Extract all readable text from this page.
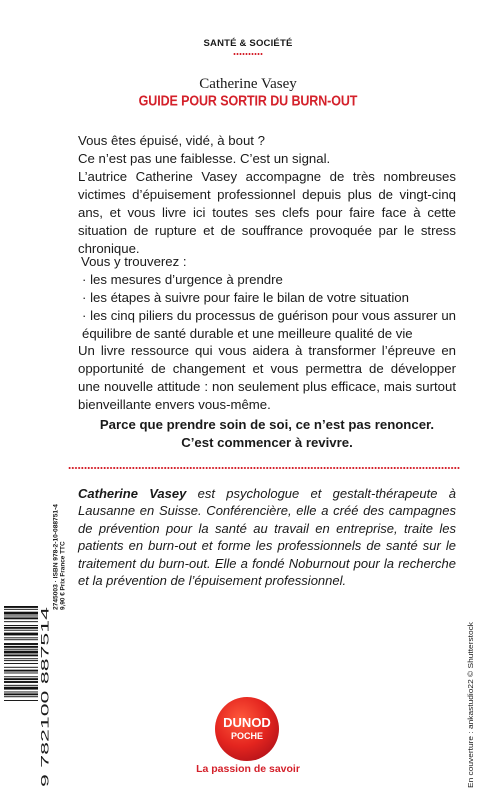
SANTÉ & SOCIÉTÉ
Catherine Vasey
GUIDE POUR SORTIR DU BURN-OUT
Vous êtes épuisé, vidé, à bout ?
Ce n’est pas une faiblesse. C’est un signal.
L’autrice Catherine Vasey accompagne de très nombreuses victimes d’épuisement professionnel depuis plus de vingt-cinq ans, et vous livre ici toutes ses clefs pour faire face à cette situation de rupture et de souffrance provoquée par le stress chronique.
Vous y trouverez :
· les mesures d’urgence à prendre
· les étapes à suivre pour faire le bilan de votre situation
· les cinq piliers du processus de guérison pour vous assurer un équilibre de santé durable et une meilleure qualité de vie
Un livre ressource qui vous aidera à transformer l’épreuve en opportunité de changement et vous permettra de développer une nouvelle attitude : non seulement plus efficace, mais surtout bienveillante envers vous-même.
Parce que prendre soin de soi, ce n’est pas renoncer.
C’est commencer à revivre.
Catherine Vasey est psychologue et gestalt-thérapeute à Lausanne en Suisse. Conférencière, elle a créé des campagnes de prévention pour la santé au travail en entreprise, traite les patients en burn-out et forme les professionnels de santé sur le traitement du burn-out. Elle a fondé Noburnout pour la recherche et la prévention de l’épuisement professionnel.
2745003 · ISBN 978-2-10-088751-4 9,90 € Prix France TTC
9 782100 887514	En couverture : ankastudio22 © Shutterstock
DUNOD
POCHE
La passion de savoir
